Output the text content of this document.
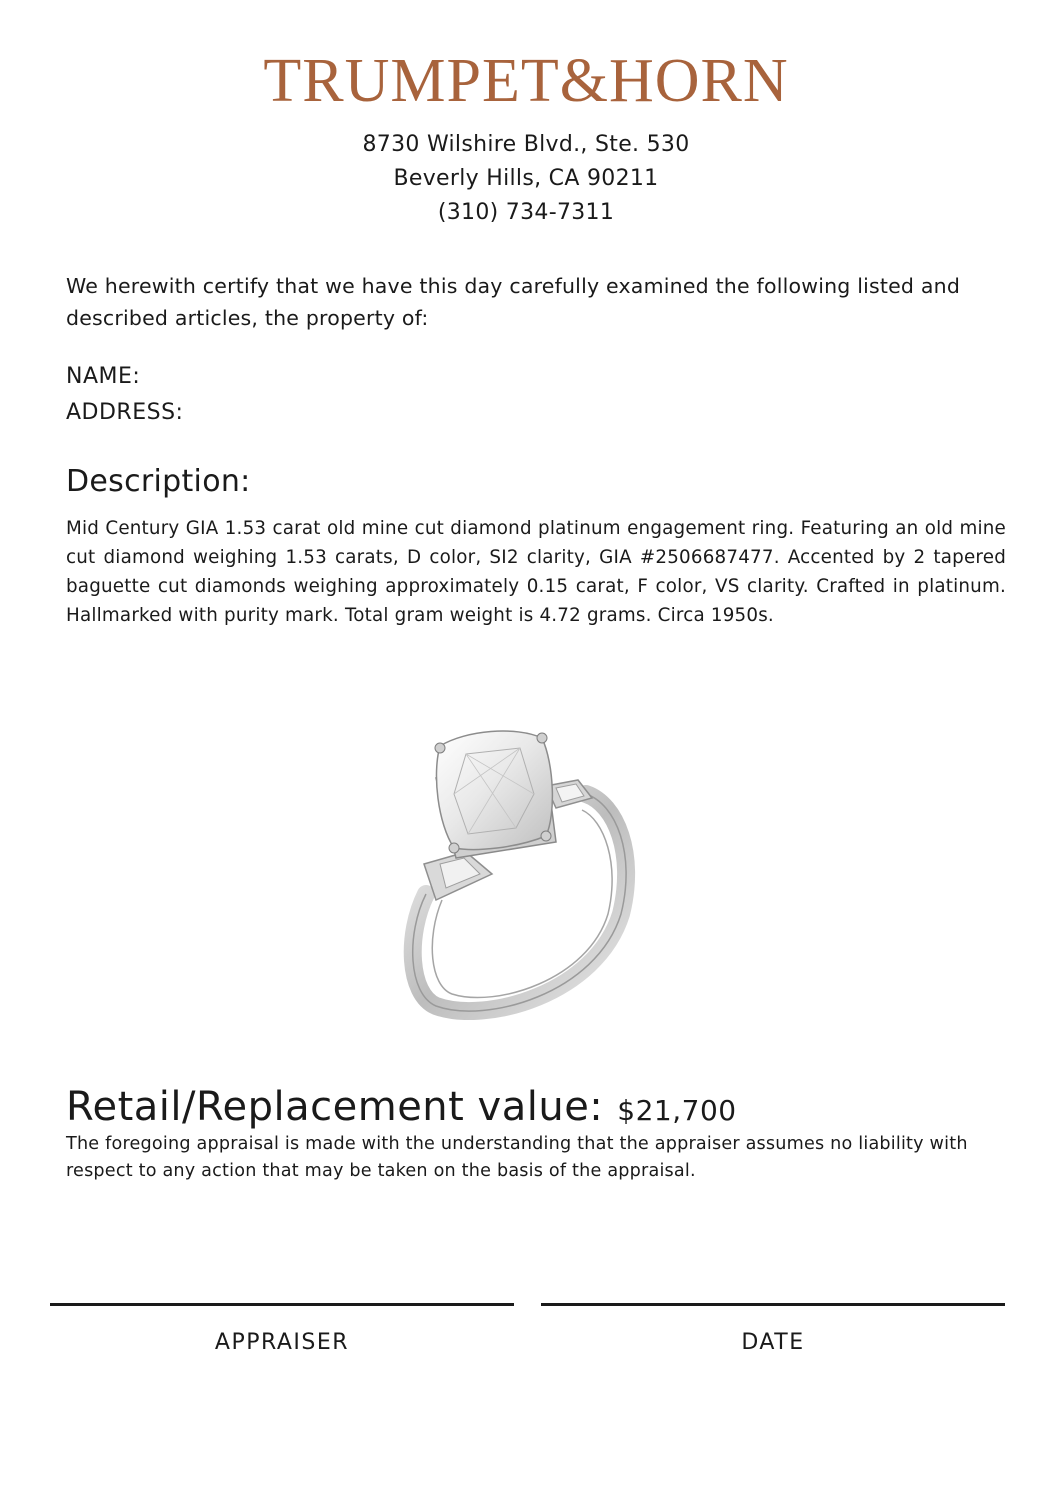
TRUMPET&HORN
8730 Wilshire Blvd., Ste. 530
Beverly Hills, CA 90211
(310) 734-7311
We herewith certify that we have this day carefully examined the following listed and described articles, the property of:
NAME:
ADDRESS:
Description:
Mid Century GIA 1.53 carat old mine cut diamond platinum engagement ring. Featuring an old mine cut diamond weighing 1.53 carats, D color, SI2 clarity, GIA #2506687477. Accented by 2 tapered baguette cut diamonds weighing approximately 0.15 carat, F color, VS clarity. Crafted in platinum. Hallmarked with purity mark. Total gram weight is 4.72 grams. Circa 1950s.
Retail/Replacement value: $21,700
The foregoing appraisal is made with the understanding that the appraiser assumes no liability with respect to any action that may be taken on the basis of the appraisal.
APPRAISER	DATE
